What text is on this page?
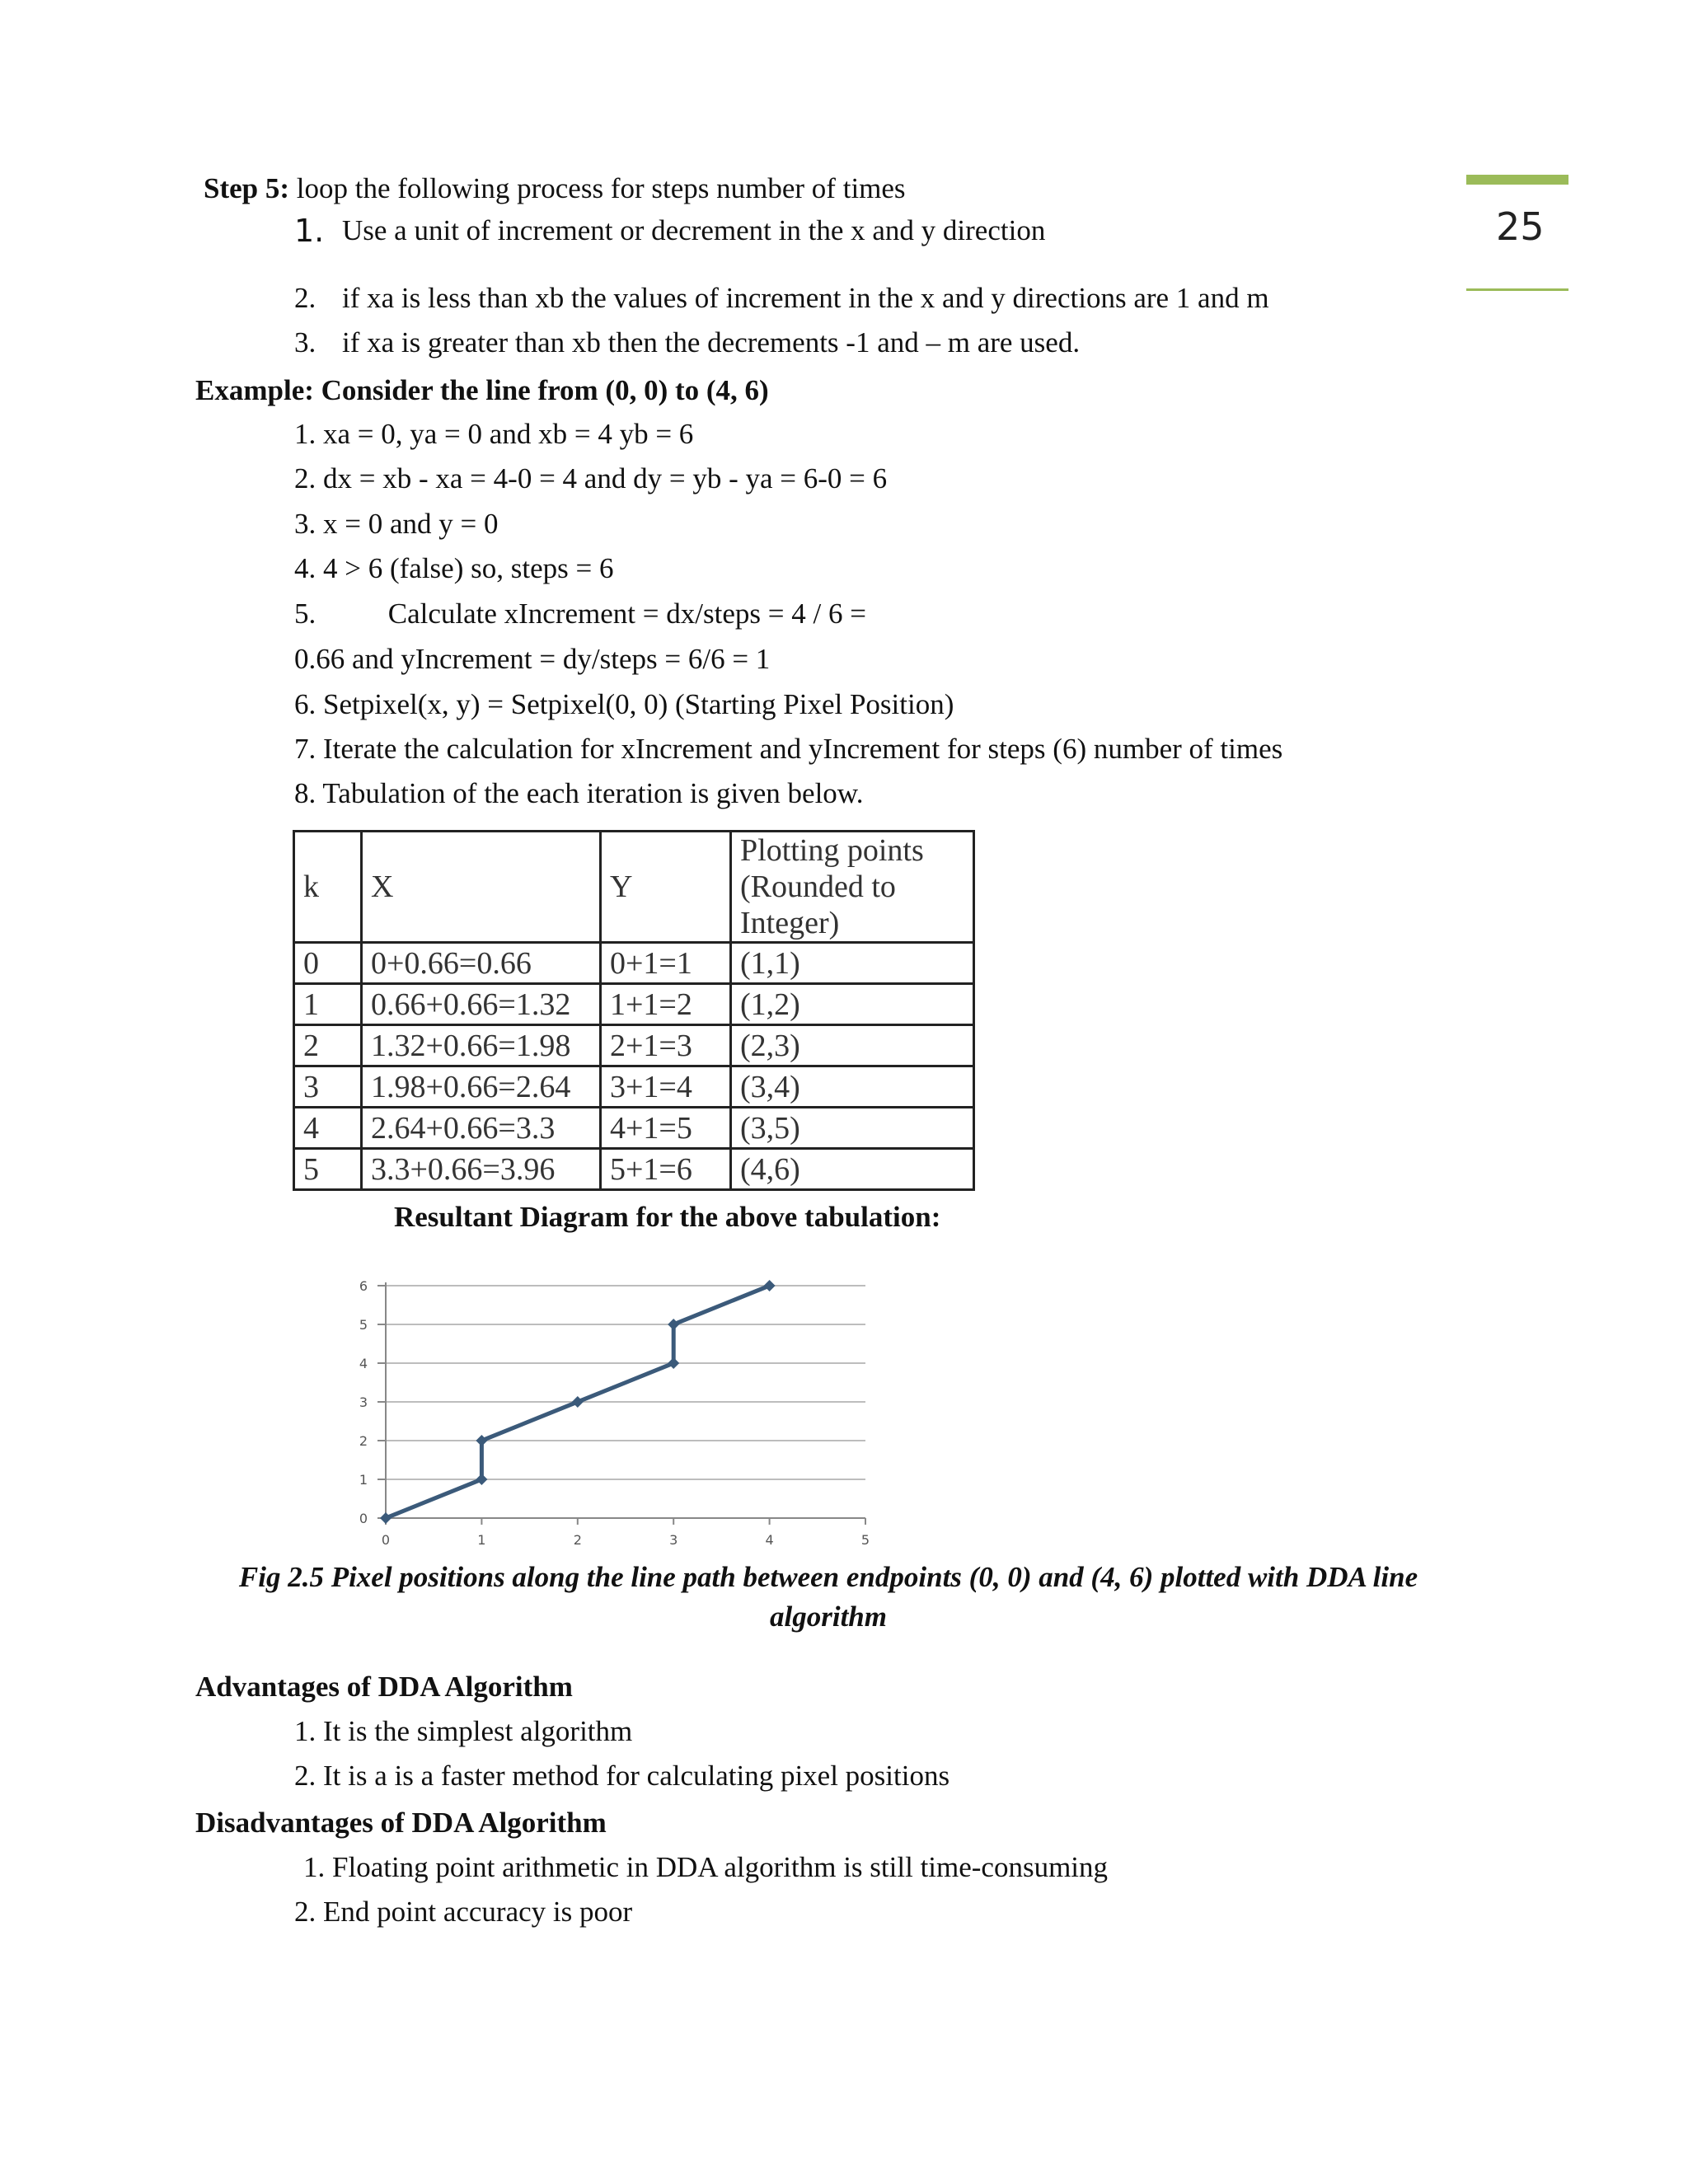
25
Step 5: loop the following process for steps number of times
1. Use a unit of increment or decrement in the x and y direction
2. if xa is less than xb the values of increment in the x and y directions are 1 and m
3. if xa is greater than xb then the decrements -1 and – m are used.
Example: Consider the line from (0, 0) to (4, 6)
1. xa = 0, ya = 0 and xb = 4 yb = 6
2. dx = xb - xa = 4-0 = 4 and dy = yb - ya = 6-0 = 6
3. x = 0 and y = 0
4. 4 > 6 (false) so, steps = 6
5.          Calculate xIncrement = dx/steps = 4 / 6 =
0.66 and yIncrement = dy/steps = 6/6 = 1
6. Setpixel(x, y) = Setpixel(0, 0) (Starting Pixel Position)
7. Iterate the calculation for xIncrement and yIncrement for steps (6) number of times
8. Tabulation of the each iteration is given below.
k	X	Y	Plotting points
(Rounded to Integer)

0	0+0.66=0.66	0+1=1	(1,1)
1	0.66+0.66=1.32	1+1=2	(1,2)
2	1.32+0.66=1.98	2+1=3	(2,3)
3	1.98+0.66=2.64	3+1=4	(3,4)
4	2.64+0.66=3.3	4+1=5	(3,5)
5	3.3+0.66=3.96	5+1=6	(4,6)
Resultant Diagram for the above tabulation:
0
1
2
3
4
5
6
0	1	2	3	4	5
Fig 2.5 Pixel positions along the line path between endpoints (0, 0) and (4, 6) plotted with DDA line algorithm
Advantages of DDA Algorithm
1. It is the simplest algorithm
2. It is a is a faster method for calculating pixel positions
Disadvantages of DDA Algorithm
1. Floating point arithmetic in DDA algorithm is still time-consuming
2. End point accuracy is poor
